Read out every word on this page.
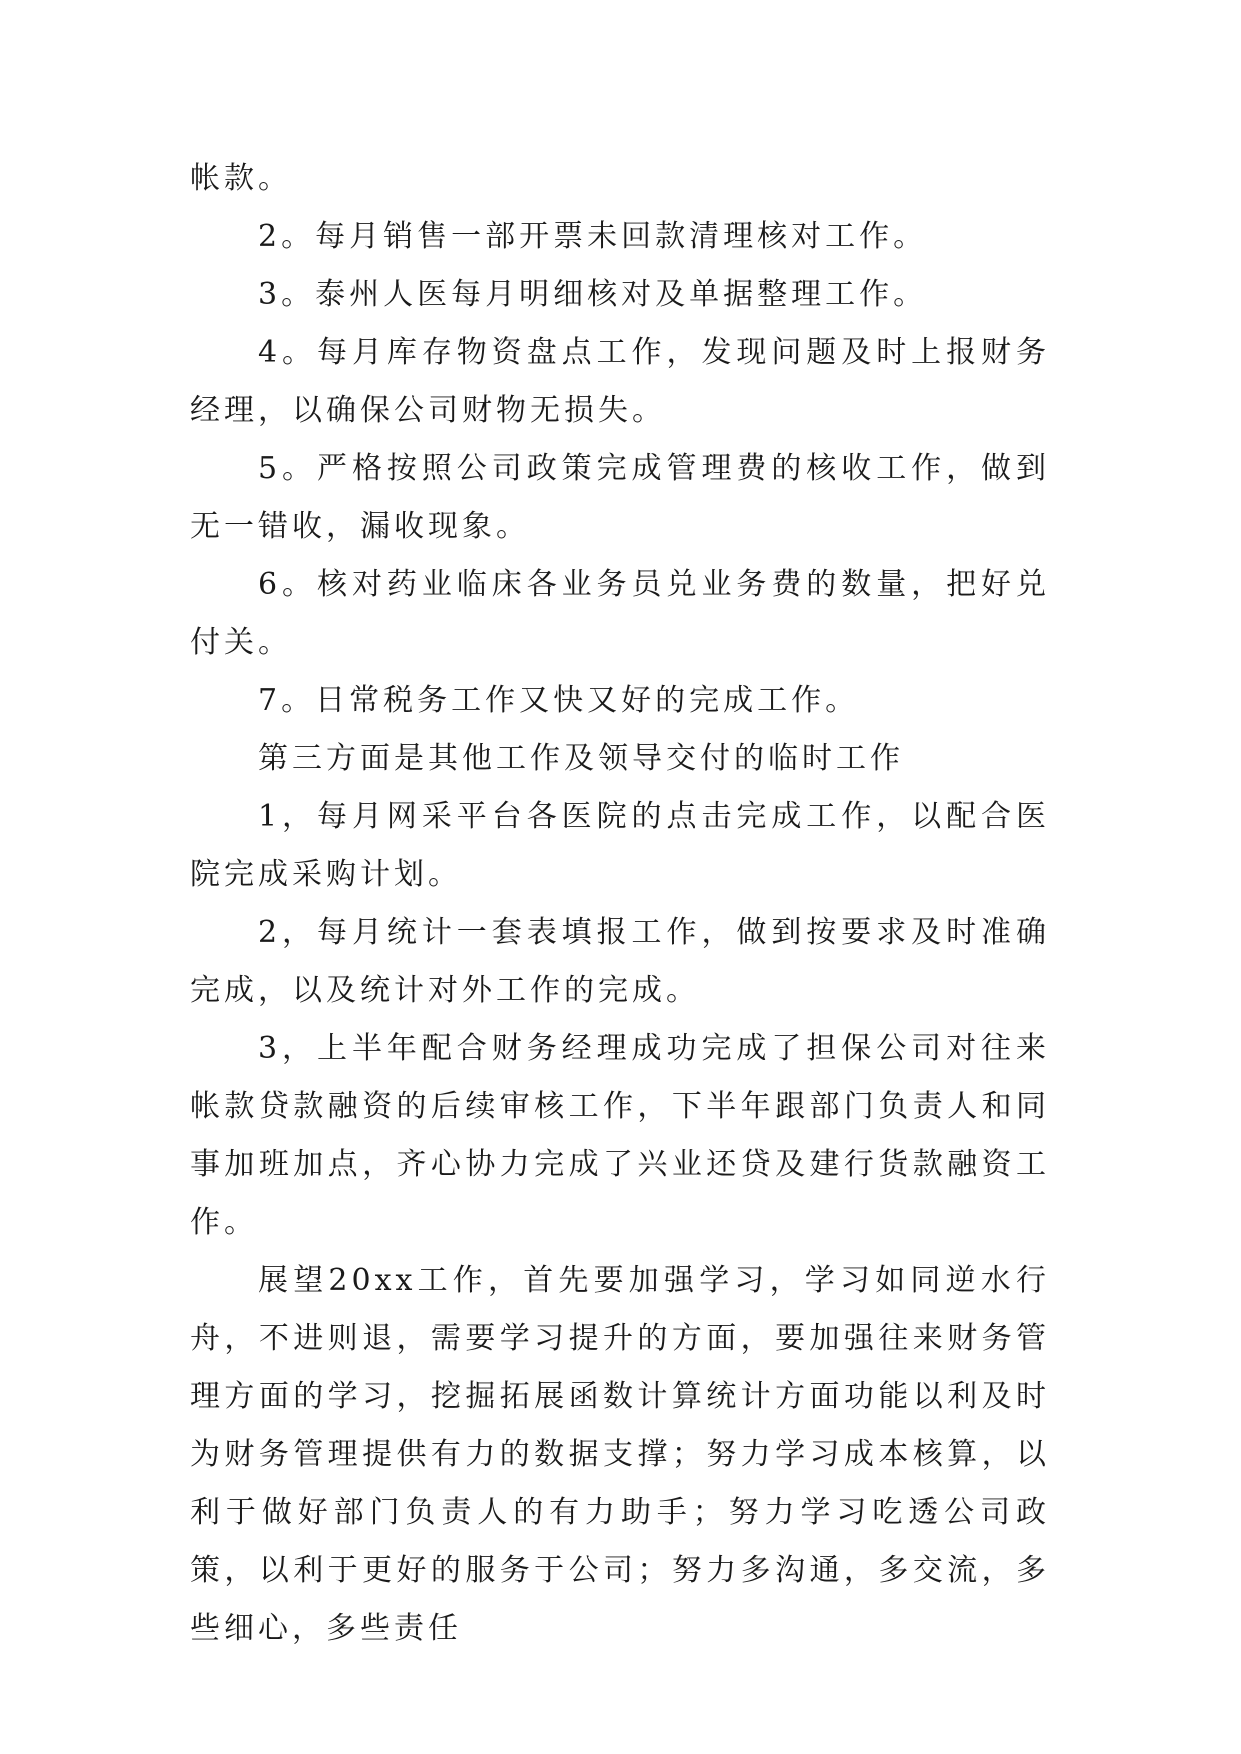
帐款。

2。每月销售一部开票未回款清理核对工作。

3。泰州人医每月明细核对及单据整理工作。

4。每月库存物资盘点工作，发现问题及时上报财务经理，以确保公司财物无损失。

5。严格按照公司政策完成管理费的核收工作，做到无一错收，漏收现象。

6。核对药业临床各业务员兑业务费的数量，把好兑付关。

7。日常税务工作又快又好的完成工作。

第三方面是其他工作及领导交付的临时工作

1，每月网采平台各医院的点击完成工作，以配合医院完成采购计划。

2，每月统计一套表填报工作，做到按要求及时准确完成，以及统计对外工作的完成。

3，上半年配合财务经理成功完成了担保公司对往来帐款贷款融资的后续审核工作，下半年跟部门负责人和同事加班加点，齐心协力完成了兴业还贷及建行货款融资工作。

展望20xx工作，首先要加强学习，学习如同逆水行舟，不进则退，需要学习提升的方面，要加强往来财务管理方面的学习，挖掘拓展函数计算统计方面功能以利及时为财务管理提供有力的数据支撑；努力学习成本核算，以利于做好部门负责人的有力助手；努力学习吃透公司政策，以利于更好的服务于公司；努力多沟通，多交流，多些细心，多些责任
